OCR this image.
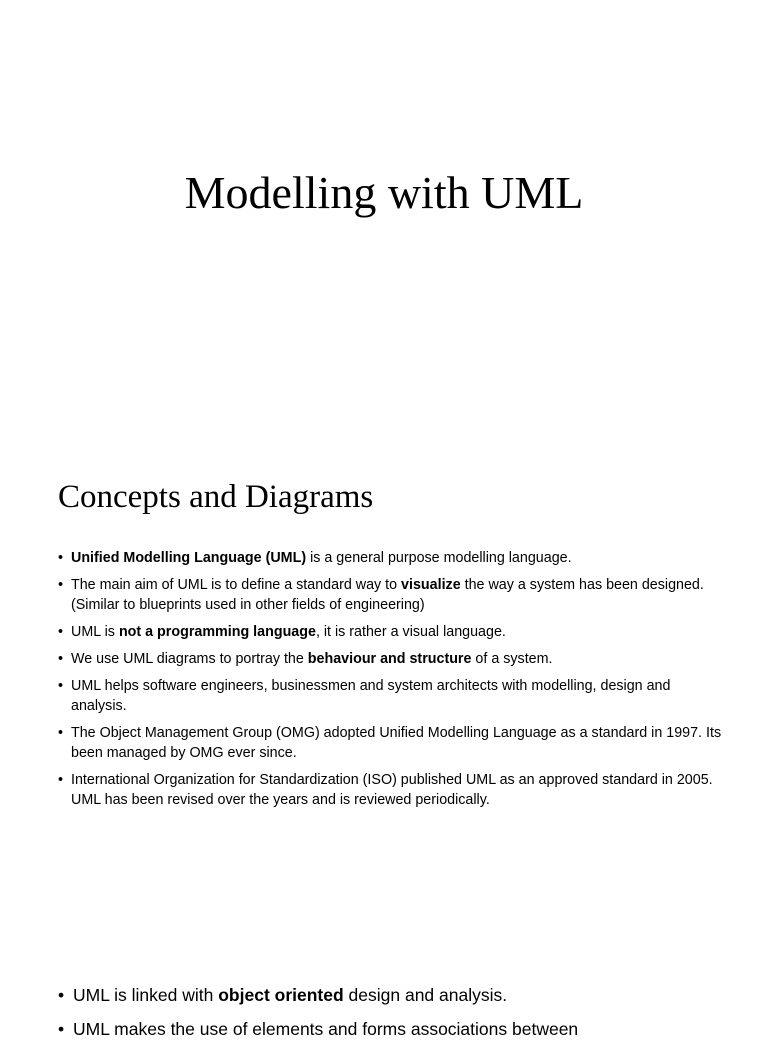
Modelling with UML
Concepts and Diagrams
• Unified Modelling Language (UML) is a general purpose modelling language.
• The main aim of UML is to define a standard way to visualize the way a system has been designed. (Similar to blueprints used in other fields of engineering)
• UML is not a programming language, it is rather a visual language.
• We use UML diagrams to portray the behaviour and structure of a system.
• UML helps software engineers, businessmen and system architects with modelling, design and analysis.
• The Object Management Group (OMG) adopted Unified Modelling Language as a standard in 1997. Its been managed by OMG ever since.
• International Organization for Standardization (ISO) published UML as an approved standard in 2005. UML has been revised over the years and is reviewed periodically.
• UML is linked with object oriented design and analysis.
• UML makes the use of elements and forms associations between
